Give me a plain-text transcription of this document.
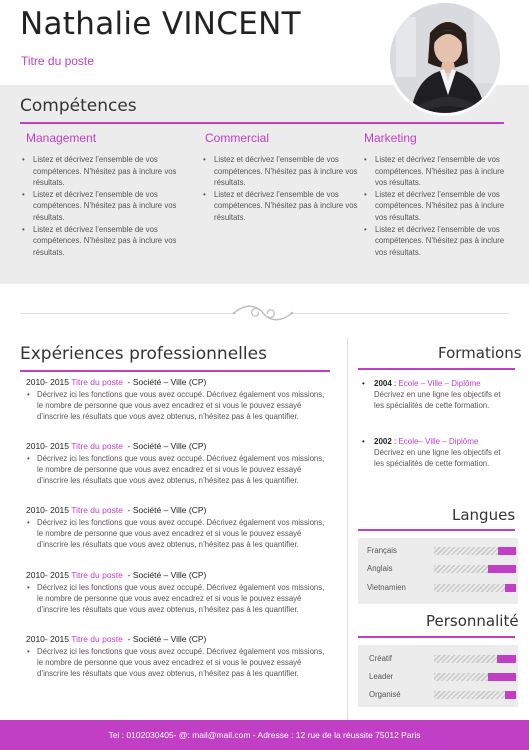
Nathalie VINCENT
Titre du poste
Compétences
Management
• Listez et décrivez l’ensemble de vos compétences. N’hésitez pas à inclure vos résultats.
• Listez et décrivez l’ensemble de vos compétences. N’hésitez pas à inclure vos résultats.
• Listez et décrivez l’ensemble de vos compétences. N’hésitez pas à inclure vos résultats.
Commercial
• Listez et décrivez l’ensemble de vos compétences. N’hésitez pas à inclure vos résultats.
• Listez et décrivez l’ensemble de vos compétences. N’hésitez pas à inclure vos résultats.
Marketing
• Listez et décrivez l’ensemble de vos compétences. N’hésitez pas à inclure vos résultats.
• Listez et décrivez l’ensemble de vos compétences. N’hésitez pas à inclure vos résultats.
• Listez et décrivez l’ensemble de vos compétences. N’hésitez pas à inclure vos résultats.
Expériences professionnelles
2010- 2015 Titre du poste - Société – Ville (CP)
• Décrivez ici les fonctions que vous avez occupé. Décrivez également vos missions, le nombre de personne que vous avez encadrez et si vous le pouvez essayé d’inscrire les résultats que vous avez obtenus, n’hésitez pas à les quantifier.
2010- 2015 Titre du poste - Société – Ville (CP)
• Décrivez ici les fonctions que vous avez occupé. Décrivez également vos missions, le nombre de personne que vous avez encadrez et si vous le pouvez essayé d’inscrire les résultats que vous avez obtenus, n’hésitez pas à les quantifier.
2010- 2015 Titre du poste - Société – Ville (CP)
• Décrivez ici les fonctions que vous avez occupé. Décrivez également vos missions, le nombre de personne que vous avez encadrez et si vous le pouvez essayé d’inscrire les résultats que vous avez obtenus, n’hésitez pas à les quantifier.
2010- 2015 Titre du poste - Société – Ville (CP)
• Décrivez ici les fonctions que vous avez occupé. Décrivez également vos missions, le nombre de personne que vous avez encadrez et si vous le pouvez essayé d’inscrire les résultats que vous avez obtenus, n’hésitez pas à les quantifier.
2010- 2015 Titre du poste - Société – Ville (CP)
• Décrivez ici les fonctions que vous avez occupé. Décrivez également vos missions, le nombre de personne que vous avez encadrez et si vous le pouvez essayé d’inscrire les résultats que vous avez obtenus, n’hésitez pas à les quantifier.
Formations
• 2004 : Ecole – Ville – Diplôme
Décrivez en une ligne les objectifs et les spécialités de cette formation.
• 2002 : Ecole– Ville – Diplôme
Décrivez en une ligne les objectifs et les spécialités de cette formation.
Langues
Français
Anglais
Vietnamien
Personnalité
Créatif
Leader
Organisé
Tel : 0102030405- @: mail@mail.com - Adresse : 12 rue de la réussite 75012 Paris
